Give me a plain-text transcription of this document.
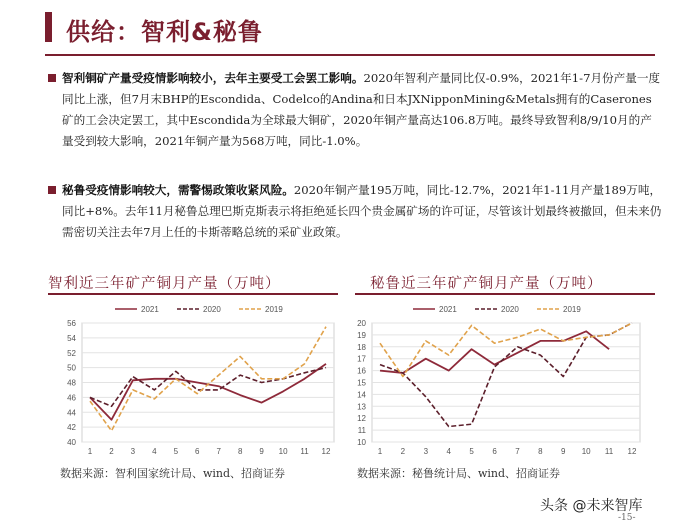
供给：智利&秘鲁
智利铜矿产量受疫情影响较小，去年主要受工会罢工影响。2020年智利产量同比仅-0.9%，2021年1-7月份产量一度同比上涨，但7月末BHP的Escondida、Codelco的Andina和日本JXNipponMining&Metals拥有的Caserones矿的工会决定罢工，其中Escondida为全球最大铜矿，2020年铜产量高达106.8万吨。最终导致智利8/9/10月的产量受到较大影响，2021年铜产量为568万吨，同比-1.0%。
秘鲁受疫情影响较大，需警惕政策收紧风险。2020年铜产量195万吨，同比-12.7%，2021年1-11月产量189万吨，同比+8%。去年11月秘鲁总理巴斯克斯表示将拒绝延长四个贵金属矿场的许可证，尽管该计划最终被撤回，但未来仍需密切关注去年7月上任的卡斯蒂略总统的采矿业政策。
智利近三年矿产铜月产量（万吨）
40
42
44
46
48
50
52
54
56
1 2 3 4 5 6 7 8 9 10 11 12
2021	2020	2019
数据来源：智利国家统计局、wind、招商证券
秘鲁近三年矿产铜月产量（万吨）
10
11
12
13
14
15
16
17
18
19
20
1 2 3 4 5 6 7 8 9 10 11 12
2021	2020	2019
数据来源：秘鲁统计局、wind、招商证券
头条 @未来智库
-15-
